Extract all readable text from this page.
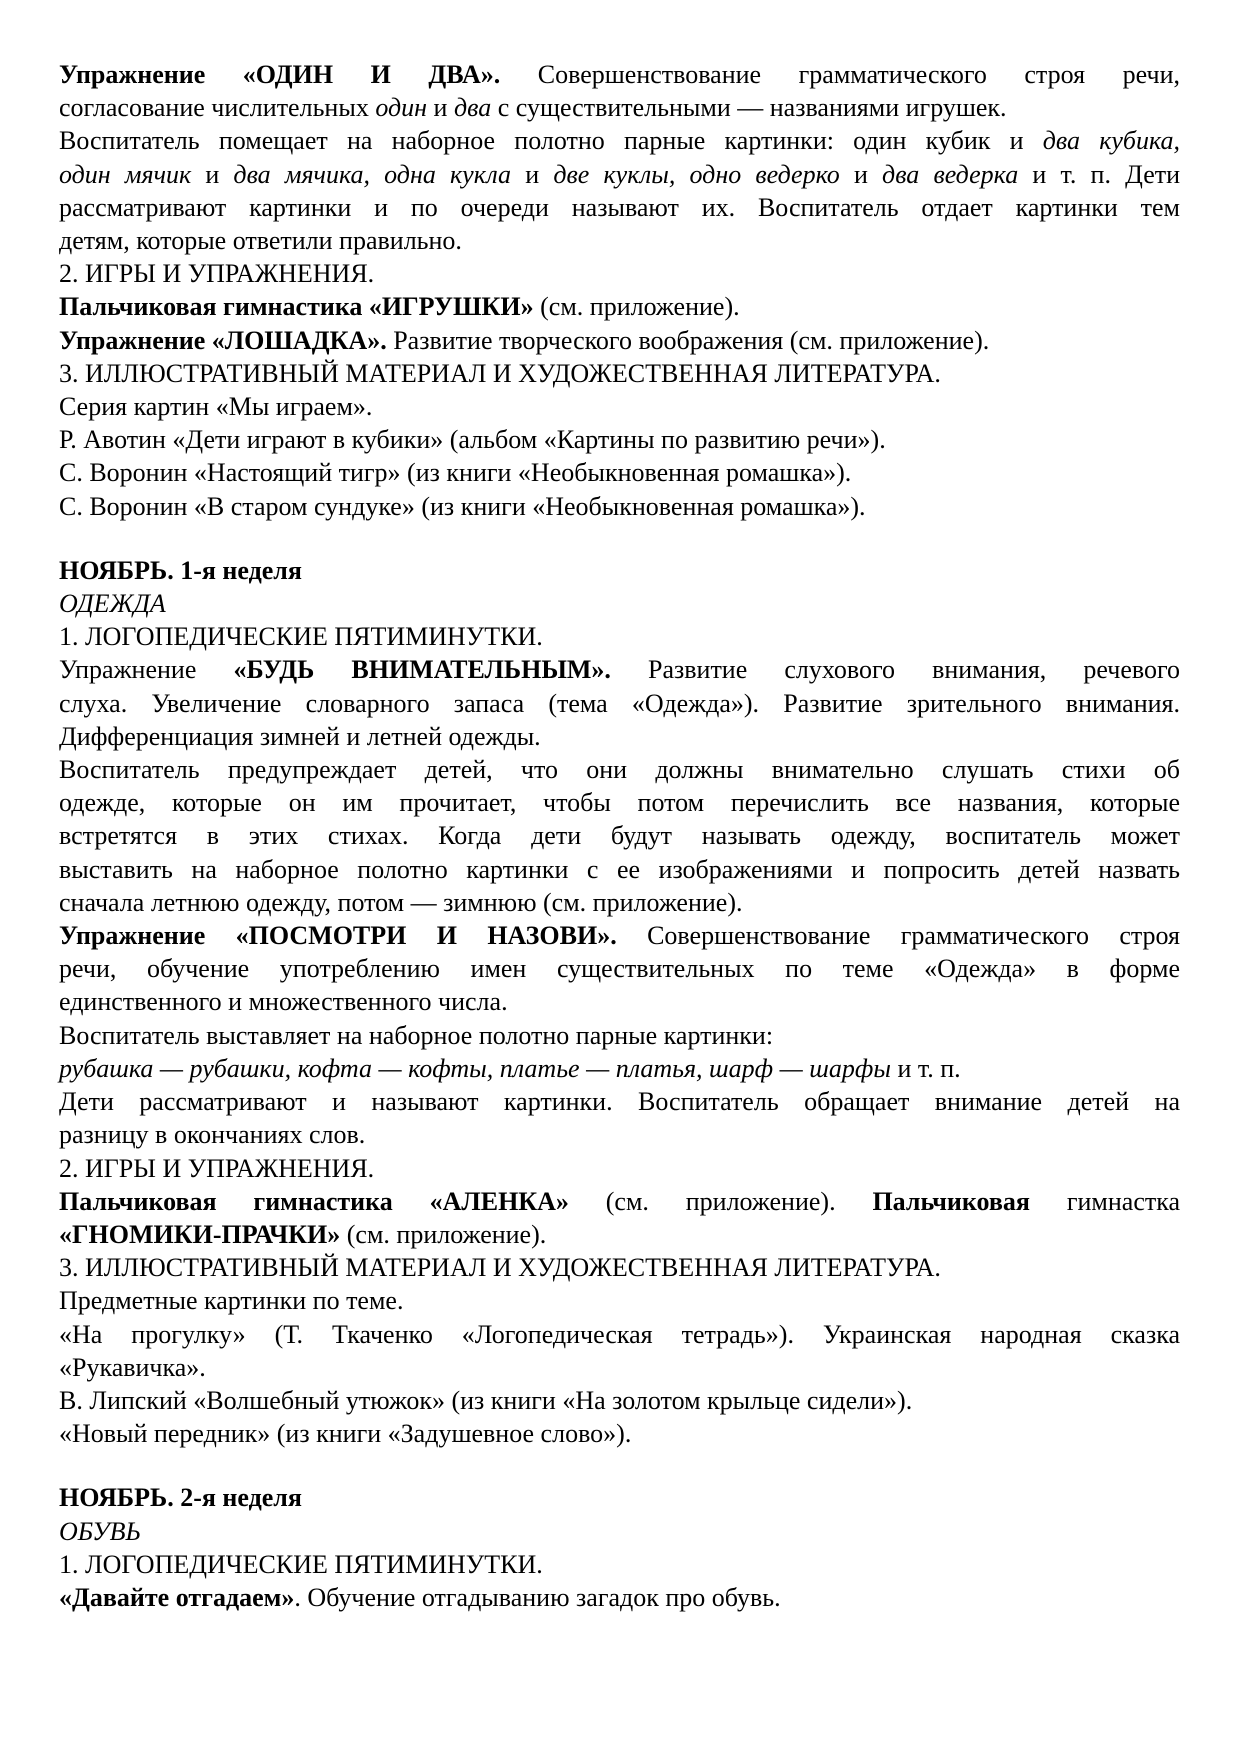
Упражнение «ОДИН И ДВА». Совершенствование грамматического строя речи,
согласование числительных один и два с существительными — названиями игрушек.
Воспитатель помещает на наборное полотно парные картинки: один кубик и два кубика,
один мячик и два мячика, одна кукла и две куклы, одно ведерко и два ведерка и т. п. Дети
рассматривают картинки и по очереди называют их. Воспитатель отдает картинки тем
детям, которые ответили правильно.
2. ИГРЫ И УПРАЖНЕНИЯ.
Пальчиковая гимнастика «ИГРУШКИ» (см. приложение).
Упражнение «ЛОШАДКА». Развитие творческого воображения (см. приложение).
3. ИЛЛЮСТРАТИВНЫЙ МАТЕРИАЛ И ХУДОЖЕСТВЕННАЯ ЛИТЕРАТУРА.
Серия картин «Мы играем».
Р. Авотин «Дети играют в кубики» (альбом «Картины по развитию речи»).
С. Воронин «Настоящий тигр» (из книги «Необыкновенная ромашка»).
С. Воронин «В старом сундуке» (из книги «Необыкновенная ромашка»).
НОЯБРЬ. 1-я неделя
ОДЕЖДА
1. ЛОГОПЕДИЧЕСКИЕ ПЯТИМИНУТКИ.
Упражнение «БУДЬ ВНИМАТЕЛЬНЫМ». Развитие слухового внимания, речевого
слуха. Увеличение словарного запаса (тема «Одежда»). Развитие зрительного внимания.
Дифференциация зимней и летней одежды.
Воспитатель предупреждает детей, что они должны внимательно слушать стихи об
одежде, которые он им прочитает, чтобы потом перечислить все названия, которые
встретятся в этих стихах. Когда дети будут называть одежду, воспитатель может
выставить на наборное полотно картинки с ее изображениями и попросить детей назвать
сначала летнюю одежду, потом — зимнюю (см. приложение).
Упражнение «ПОСМОТРИ И НАЗОВИ». Совершенствование грамматического строя
речи, обучение употреблению имен существительных по теме «Одежда» в форме
единственного и множественного числа.
Воспитатель выставляет на наборное полотно парные картинки:
рубашка — рубашки, кофта — кофты, платье — платья, шарф — шарфы и т. п.
Дети рассматривают и называют картинки. Воспитатель обращает внимание детей на
разницу в окончаниях слов.
2. ИГРЫ И УПРАЖНЕНИЯ.
Пальчиковая гимнастика «АЛЕНКА» (см. приложение). Пальчиковая гимнастка
«ГНОМИКИ-ПРАЧКИ» (см. приложение).
3. ИЛЛЮСТРАТИВНЫЙ МАТЕРИАЛ И ХУДОЖЕСТВЕННАЯ ЛИТЕРАТУРА.
Предметные картинки по теме.
«На прогулку» (Т. Ткаченко «Логопедическая тетрадь»). Украинская народная сказка
«Рукавичка».
В. Липский «Волшебный утюжок» (из книги «На золотом крыльце сидели»).
«Новый передник» (из книги «Задушевное слово»).
НОЯБРЬ. 2-я неделя
ОБУВЬ
1. ЛОГОПЕДИЧЕСКИЕ ПЯТИМИНУТКИ.
«Давайте отгадаем». Обучение отгадыванию загадок про обувь.
